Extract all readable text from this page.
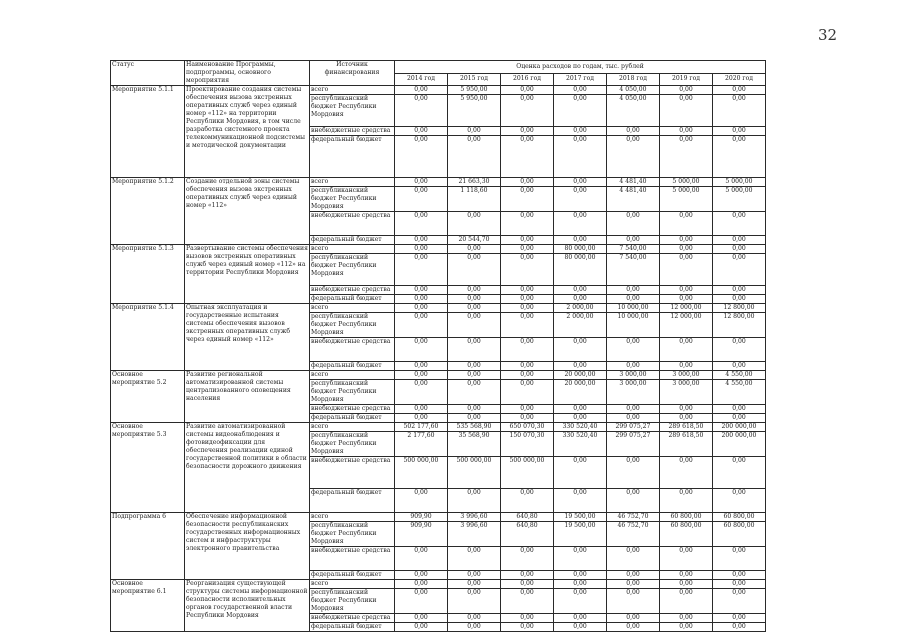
32
Статус	Наименование Программы, подпрограммы, основного мероприятия	Источник финансирования	Оценка расходов по годам, тыс. рублей						
			2014 год	2015 год	2016 год	2017 год	2018 год	2019 год	2020 год
Мероприятие 5.1.1	Проектирование создания системы обеспечения вызова экстренных оперативных служб через единый номер «112» на территории Республики Мордовия, в том числе разработка системного проекта телекоммуникационной подсистемы и методической документации	всего	0,00	5 950,00	0,00	0,00	4 050,00	0,00	0,00
		республиканский бюджет Республики Мордовия	0,00	5 950,00	0,00	0,00	4 050,00	0,00	0,00
		внебюджетные средства	0,00	0,00	0,00	0,00	0,00	0,00	0,00
		федеральный бюджет	0,00	0,00	0,00	0,00	0,00	0,00	0,00
Мероприятие 5.1.2	Создание отдельной зоны системы обеспечения вызова экстренных оперативных служб через единый номер «112»	всего	0,00	21 663,30	0,00	0,00	4 481,40	5 000,00	5 000,00
		республиканский бюджет Республики Мордовия	0,00	1 118,60	0,00	0,00	4 481,40	5 000,00	5 000,00
		внебюджетные средства	0,00	0,00	0,00	0,00	0,00	0,00	0,00
		федеральный бюджет	0,00	20 544,70	0,00	0,00	0,00	0,00	0,00
Мероприятие 5.1.3	Развертывание системы обеспечения вызовов экстренных оперативных служб через единый номер «112» на территории Республики Мордовия	всего	0,00	0,00	0,00	80 000,00	7 540,00	0,00	0,00
		республиканский бюджет Республики Мордовия	0,00	0,00	0,00	80 000,00	7 540,00	0,00	0,00
		внебюджетные средства	0,00	0,00	0,00	0,00	0,00	0,00	0,00
		федеральный бюджет	0,00	0,00	0,00	0,00	0,00	0,00	0,00
Мероприятие 5.1.4	Опытная эксплуатация и государственные испытания системы обеспечения вызовов экстренных оперативных служб через единый номер «112»	всего	0,00	0,00	0,00	2 000,00	10 000,00	12 000,00	12 800,00
		республиканский бюджет Республики Мордовия	0,00	0,00	0,00	2 000,00	10 000,00	12 000,00	12 800,00
		внебюджетные средства	0,00	0,00	0,00	0,00	0,00	0,00	0,00
		федеральный бюджет	0,00	0,00	0,00	0,00	0,00	0,00	0,00
Основное мероприятие 5.2	Развитие региональной автоматизированной системы централизованного оповещения населения	всего	0,00	0,00	0,00	20 000,00	3 000,00	3 000,00	4 550,00
		республиканский бюджет Республики Мордовия	0,00	0,00	0,00	20 000,00	3 000,00	3 000,00	4 550,00
		внебюджетные средства	0,00	0,00	0,00	0,00	0,00	0,00	0,00
		федеральный бюджет	0,00	0,00	0,00	0,00	0,00	0,00	0,00
Основное мероприятие 5.3	Развитие автоматизированной системы видеонаблюдения и фотовидеофиксации для обеспечения реализации единой государственной политики в области безопасности дорожного движения	всего	502 177,60	535 568,90	650 070,30	330 520,40	299 075,27	289 618,50	200 000,00
		республиканский бюджет Республики Мордовия	2 177,60	35 568,90	150 070,30	330 520,40	299 075,27	289 618,50	200 000,00
		внебюджетные средства	500 000,00	500 000,00	500 000,00	0,00	0,00	0,00	0,00
		федеральный бюджет	0,00	0,00	0,00	0,00	0,00	0,00	0,00
Подпрограмма 6	Обеспечение информационной безопасности республиканских государственных информационных систем и инфраструктуры электронного правительства	всего	909,90	3 996,60	640,80	19 500,00	46 752,70	60 800,00	60 800,00
		республиканский бюджет Республики Мордовия	909,90	3 996,60	640,80	19 500,00	46 752,70	60 800,00	60 800,00
		внебюджетные средства	0,00	0,00	0,00	0,00	0,00	0,00	0,00
		федеральный бюджет	0,00	0,00	0,00	0,00	0,00	0,00	0,00
Основное мероприятие 6.1	Реорганизация существующей структуры системы информационной безопасности исполнительных органов государственной власти Республики Мордовия	всего	0,00	0,00	0,00	0,00	0,00	0,00	0,00
		республиканский бюджет Республики Мордовия	0,00	0,00	0,00	0,00	0,00	0,00	0,00
		внебюджетные средства	0,00	0,00	0,00	0,00	0,00	0,00	0,00
		федеральный бюджет	0,00	0,00	0,00	0,00	0,00	0,00	0,00
